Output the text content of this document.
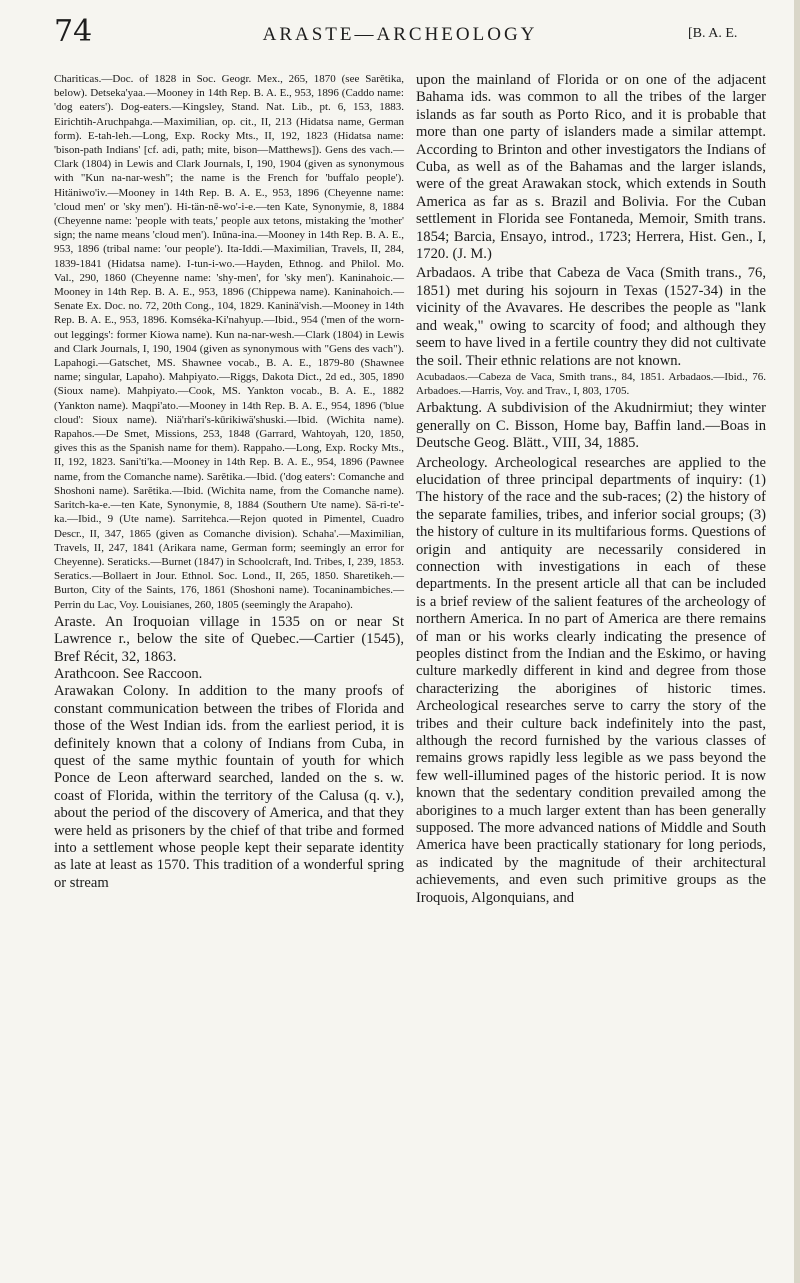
74	ARASTE—ARCHEOLOGY	[B. A. E.

Chariticas.—Doc. of 1828 in Soc. Geogr. Mex., 265, 1870 (see Sarĕtika, below). Detseka'yaa.—Mooney in 14th Rep. B. A. E., 953, 1896 (Caddo name: 'dog eaters'). Dog-eaters.—Kingsley, Stand. Nat. Lib., pt. 6, 153, 1883. Eirichtih-Aruchpahga.—Maximilian, op. cit., II, 213 (Hidatsa name, German form). E-tah-leh.—Long, Exp. Rocky Mts., II, 192, 1823 (Hidatsa name: 'bison-path Indians' [cf. adi, path; mite, bison—Matthews]). Gens des vach.—Clark (1804) in Lewis and Clark Journals, I, 190, 1904 (given as synonymous with "Kun na-nar-wesh"; the name is the French for 'buffalo people'). Hitäniwo'iv.—Mooney in 14th Rep. B. A. E., 953, 1896 (Cheyenne name: 'cloud men' or 'sky men'). Hi-tän-nē-wo'-i-e.—ten Kate, Synonymie, 8, 1884 (Cheyenne name: 'people with teats,' people aux tetons, mistaking the 'mother' sign; the name means 'cloud men'). Inūna-ina.—Mooney in 14th Rep. B. A. E., 953, 1896 (tribal name: 'our people'). Ita-Iddi.—Maximilian, Travels, II, 284, 1839-1841 (Hidatsa name). I-tun-i-wo.—Hayden, Ethnog. and Philol. Mo. Val., 290, 1860 (Cheyenne name: 'shy-men', for 'sky men'). Kaninahoic.—Mooney in 14th Rep. B. A. E., 953, 1896 (Chippewa name). Kaninahoich.—Senate Ex. Doc. no. 72, 20th Cong., 104, 1829. Kaninä'vish.—Mooney in 14th Rep. B. A. E., 953, 1896. Komséka-Ki'nahyup.—Ibid., 954 ('men of the worn-out leggings': former Kiowa name). Kun na-nar-wesh.—Clark (1804) in Lewis and Clark Journals, I, 190, 1904 (given as synonymous with "Gens des vach"). Lapahogi.—Gatschet, MS. Shawnee vocab., B. A. E., 1879-80 (Shawnee name; singular, Lapaho). Mahpiyato.—Riggs, Dakota Dict., 2d ed., 305, 1890 (Sioux name). Mahpiyato.—Cook, MS. Yankton vocab., B. A. E., 1882 (Yankton name). Maqpi'ato.—Mooney in 14th Rep. B. A. E., 954, 1896 ('blue cloud': Sioux name). Niä'rhari's-kūrikiwä'shuski.—Ibid. (Wichita name). Rapahos.—De Smet, Missions, 253, 1848 (Garrard, Wahtoyah, 120, 1850, gives this as the Spanish name for them). Rappaho.—Long, Exp. Rocky Mts., II, 192, 1823. Sani'ti'ka.—Mooney in 14th Rep. B. A. E., 954, 1896 (Pawnee name, from the Comanche name). Sarĕtika.—Ibid. ('dog eaters': Comanche and Shoshoni name). Sarĕtika.—Ibid. (Wichita name, from the Comanche name). Saritch-ka-e.—ten Kate, Synonymie, 8, 1884 (Southern Ute name). Sä-ri-te'-ka.—Ibid., 9 (Ute name). Sarritehca.—Rejon quoted in Pimentel, Cuadro Descr., II, 347, 1865 (given as Comanche division). Schaha'.—Maximilian, Travels, II, 247, 1841 (Arikara name, German form; seemingly an error for Cheyenne). Seraticks.—Burnet (1847) in Schoolcraft, Ind. Tribes, I, 239, 1853. Seratics.—Bollaert in Jour. Ethnol. Soc. Lond., II, 265, 1850. Sharetikeh.—Burton, City of the Saints, 176, 1861 (Shoshoni name). Tocaninambiches.—Perrin du Lac, Voy. Louisianes, 260, 1805 (seemingly the Arapaho).

Araste. An Iroquoian village in 1535 on or near St Lawrence r., below the site of Quebec.—Cartier (1545), Bref Récit, 32, 1863.

Arathcoon. See Raccoon.

Arawakan Colony. In addition to the many proofs of constant communication between the tribes of Florida and those of the West Indian ids. from the earliest period, it is definitely known that a colony of Indians from Cuba, in quest of the same mythic fountain of youth for which Ponce de Leon afterward searched, landed on the s. w. coast of Florida, within the territory of the Calusa (q. v.), about the period of the discovery of America, and that they were held as prisoners by the chief of that tribe and formed into a settlement whose people kept their separate identity as late at least as 1570. This tradition of a wonderful spring or stream

upon the mainland of Florida or on one of the adjacent Bahama ids. was common to all the tribes of the larger islands as far south as Porto Rico, and it is probable that more than one party of islanders made a similar attempt. According to Brinton and other investigators the Indians of Cuba, as well as of the Bahamas and the larger islands, were of the great Arawakan stock, which extends in South America as far as s. Brazil and Bolivia. For the Cuban settlement in Florida see Fontaneda, Memoir, Smith trans. 1854; Barcia, Ensayo, introd., 1723; Herrera, Hist. Gen., I, 1720. (J. M.)

Arbadaos. A tribe that Cabeza de Vaca (Smith trans., 76, 1851) met during his sojourn in Texas (1527-34) in the vicinity of the Avavares. He describes the people as "lank and weak," owing to scarcity of food; and although they seem to have lived in a fertile country they did not cultivate the soil. Their ethnic relations are not known.

Acubadaos.—Cabeza de Vaca, Smith trans., 84, 1851. Arbadaos.—Ibid., 76. Arbadoes.—Harris, Voy. and Trav., I, 803, 1705.

Arbaktung. A subdivision of the Akudnirmiut; they winter generally on C. Bisson, Home bay, Baffin land.—Boas in Deutsche Geog. Blätt., VIII, 34, 1885.

Archeology. Archeological researches are applied to the elucidation of three principal departments of inquiry: (1) The history of the race and the sub-races; (2) the history of the separate families, tribes, and inferior social groups; (3) the history of culture in its multifarious forms. Questions of origin and antiquity are necessarily considered in connection with investigations in each of these departments. In the present article all that can be included is a brief review of the salient features of the archeology of northern America. In no part of America are there remains of man or his works clearly indicating the presence of peoples distinct from the Indian and the Eskimo, or having culture markedly different in kind and degree from those characterizing the aborigines of historic times. Archeological researches serve to carry the story of the tribes and their culture back indefinitely into the past, although the record furnished by the various classes of remains grows rapidly less legible as we pass beyond the few well-illumined pages of the historic period. It is now known that the sedentary condition prevailed among the aborigines to a much larger extent than has been generally supposed. The more advanced nations of Middle and South America have been practically stationary for long periods, as indicated by the magnitude of their architectural achievements, and even such primitive groups as the Iroquois, Algonquians, and
